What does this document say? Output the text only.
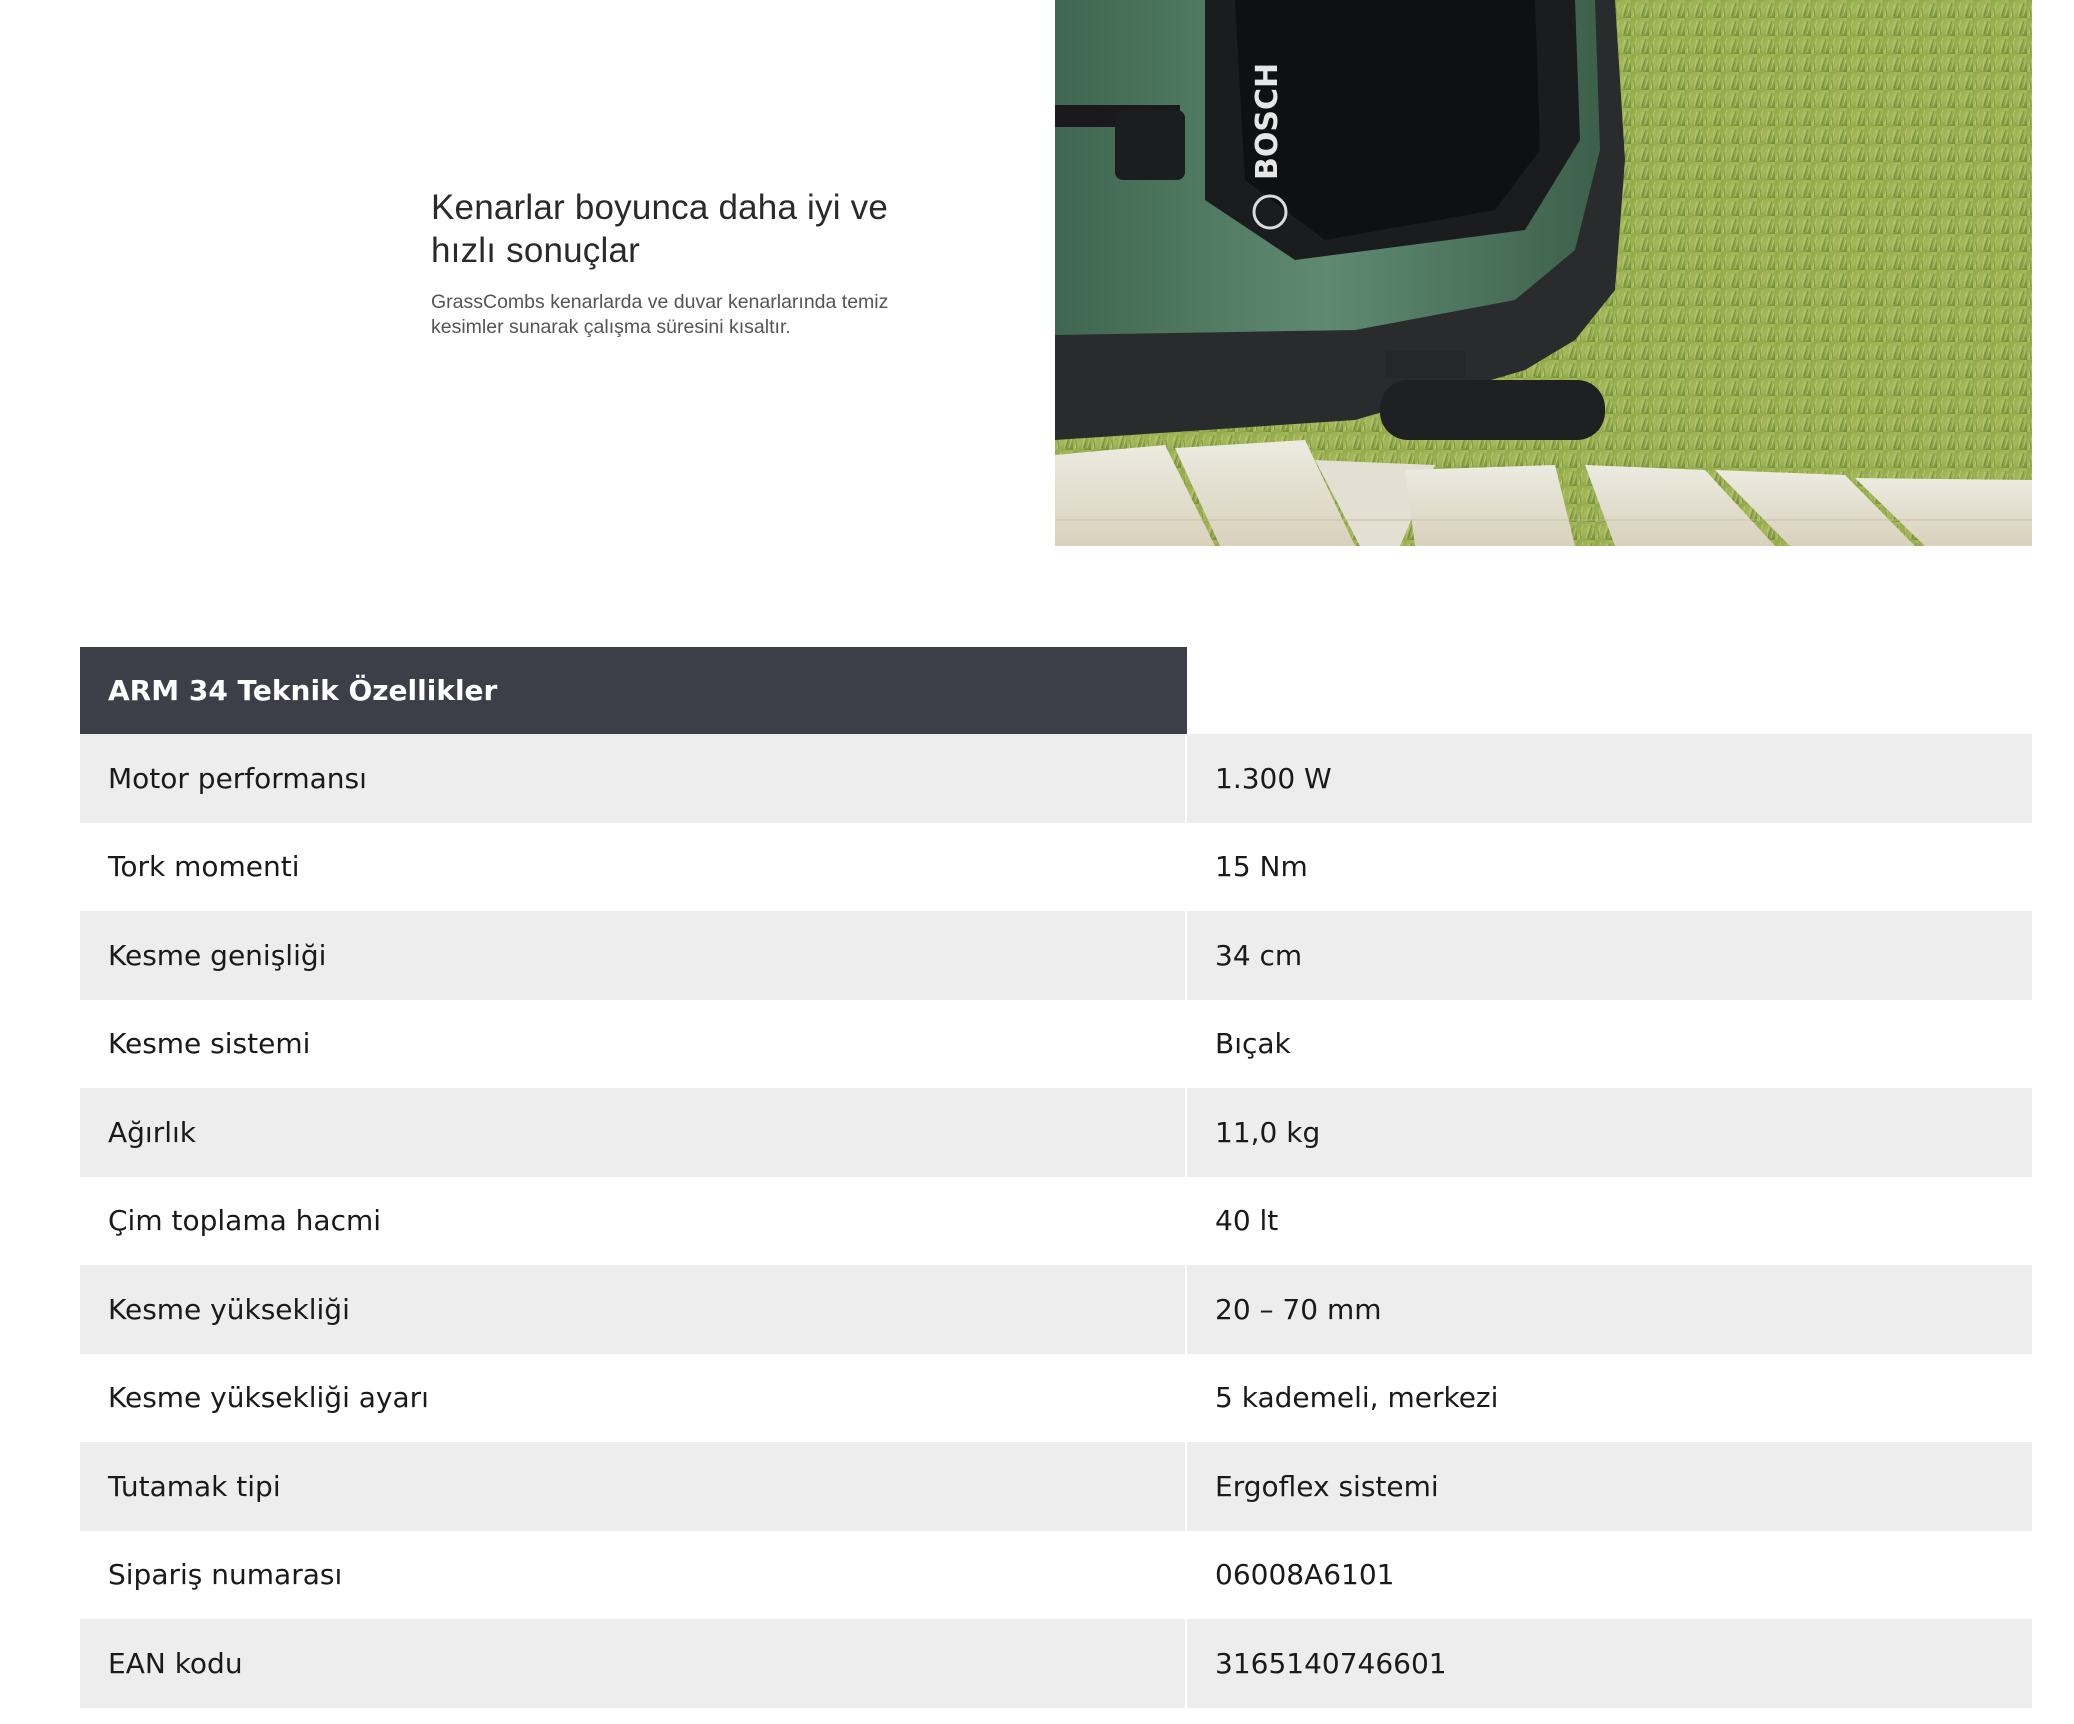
Kenarlar boyunca daha iyi ve hızlı sonuçlar

GrassCombs kenarlarda ve duvar kenarlarında temiz kesimler sunarak çalışma süresini kısaltır.

BOSCH
ARM 34 Teknik Özellikler
Motor performansı	1.300 W
Tork momenti	15 Nm
Kesme genişliği	34 cm
Kesme sistemi	Bıçak
Ağırlık	11,0 kg
Çim toplama hacmi	40 lt
Kesme yüksekliği	20 – 70 mm
Kesme yüksekliği ayarı	5 kademeli, merkezi
Tutamak tipi	Ergoflex sistemi
Sipariş numarası	06008A6101
EAN kodu	3165140746601
